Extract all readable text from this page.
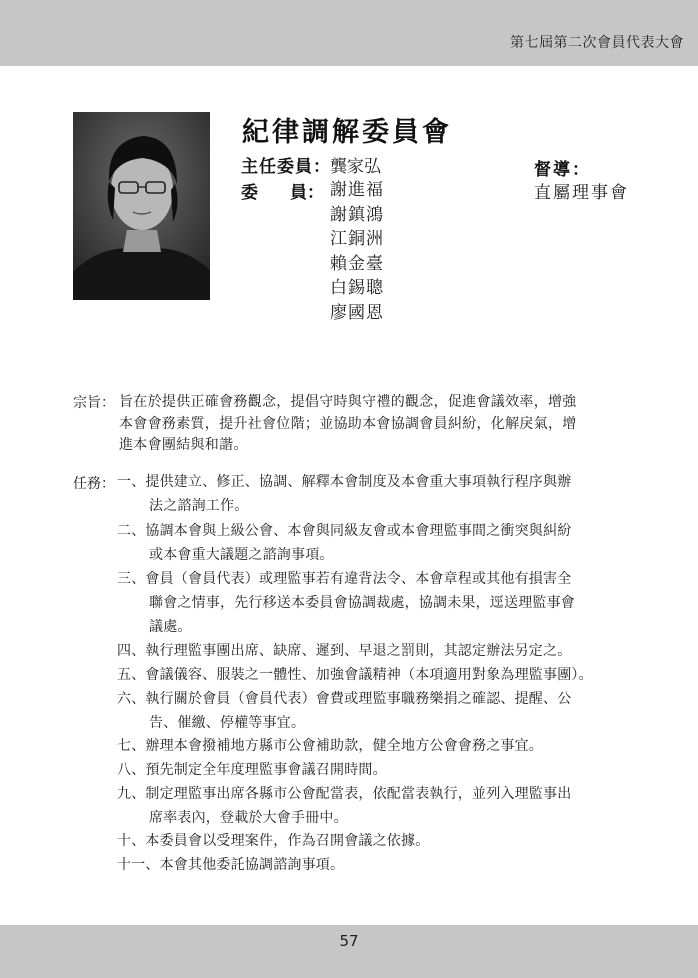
第七屆第二次會員代表大會
紀律調解委員會
主任委員： 龔家弘
委 員： 謝進福
謝鎮鴻
江銅洲
賴金臺
白錫聰
廖國恩
督導：
直屬理事會
宗旨： 旨在於提供正確會務觀念，提倡守時與守禮的觀念，促進會議效率，增強
本會會務素質，提升社會位階；並協助本會協調會員糾紛，化解戾氣，增
進本會團結與和諧。
任務： 一、提供建立、修正、協調、解釋本會制度及本會重大事項執行程序與辦
法之諮詢工作。
二、協調本會與上級公會、本會與同級友會或本會理監事間之衝突與糾紛
或本會重大議題之諮詢事項。
三、會員（會員代表）或理監事若有違背法令、本會章程或其他有損害全
聯會之情事，先行移送本委員會協調裁處，協調未果，逕送理監事會
議處。
四、執行理監事團出席、缺席、遲到、早退之罰則，其認定辦法另定之。
五、會議儀容、服裝之一體性、加強會議精神（本項適用對象為理監事團）。
六、執行關於會員（會員代表）會費或理監事職務樂捐之確認、提醒、公
告、催繳、停權等事宜。
七、辦理本會撥補地方縣市公會補助款，健全地方公會會務之事宜。
八、預先制定全年度理監事會議召開時間。
九、制定理監事出席各縣市公會配當表，依配當表執行，並列入理監事出
席率表內，登載於大會手冊中。
十、本委員會以受理案件，作為召開會議之依據。
十一、本會其他委託協調諮詢事項。
57
